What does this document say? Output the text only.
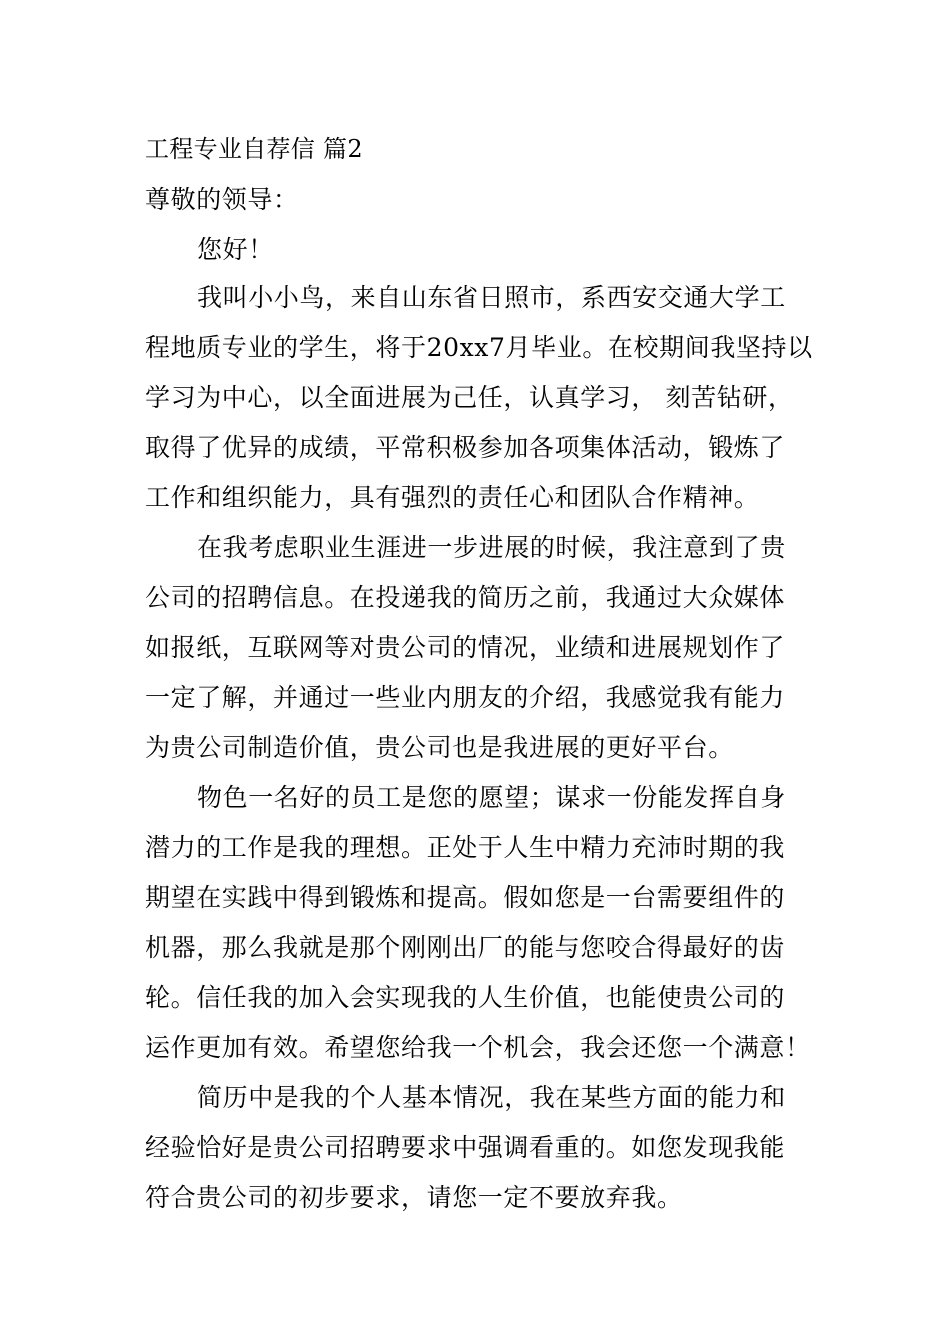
工程专业自荐信 篇2
尊敬的领导：
您好！
我叫小小鸟，来自山东省日照市，系西安交通大学工
程地质专业的学生，将于20xx7月毕业。在校期间我坚持以
学习为中心，以全面进展为己任，认真学习， 刻苦钻研，
取得了优异的成绩，平常积极参加各项集体活动，锻炼了
工作和组织能力，具有强烈的责任心和团队合作精神。
在我考虑职业生涯进一步进展的时候，我注意到了贵
公司的招聘信息。在投递我的简历之前，我通过大众媒体
如报纸，互联网等对贵公司的情况，业绩和进展规划作了
一定了解，并通过一些业内朋友的介绍，我感觉我有能力
为贵公司制造价值，贵公司也是我进展的更好平台。
物色一名好的员工是您的愿望；谋求一份能发挥自身
潜力的工作是我的理想。正处于人生中精力充沛时期的我
期望在实践中得到锻炼和提高。假如您是一台需要组件的
机器，那么我就是那个刚刚出厂的能与您咬合得最好的齿
轮。信任我的加入会实现我的人生价值，也能使贵公司的
运作更加有效。希望您给我一个机会，我会还您一个满意！
简历中是我的个人基本情况，我在某些方面的能力和
经验恰好是贵公司招聘要求中强调看重的。如您发现我能
符合贵公司的初步要求，请您一定不要放弃我。
